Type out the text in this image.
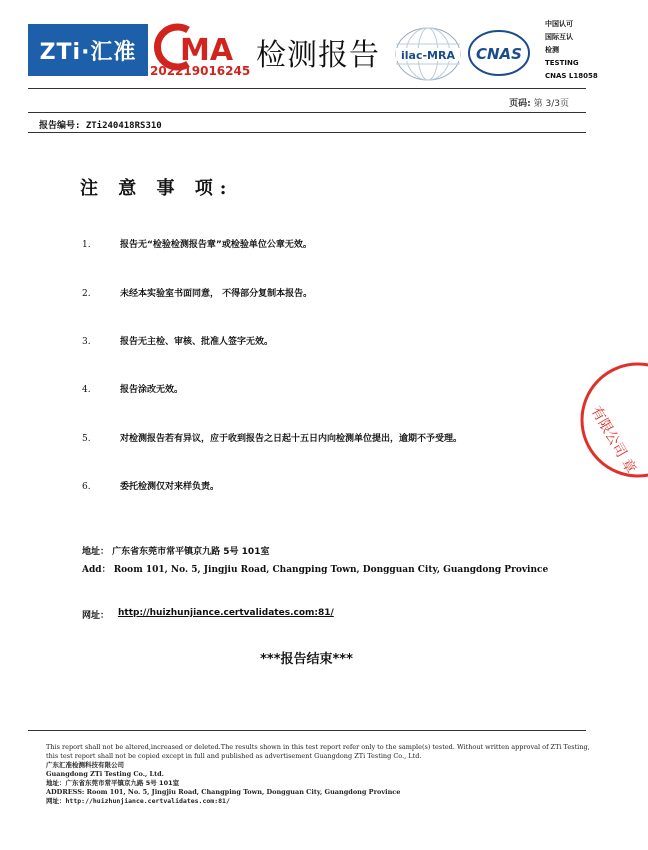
ZTi·汇准	MA
202219016245 检测报告 ilac-MRA CNAS
中国认可
国际互认
检测
TESTING
CNAS L18058
页码: 第 3/3页
报告编号: ZTi240418RS310
注 意 事 项:
1.	报告无“检验检测报告章”或检验单位公章无效。
2.	未经本实验室书面同意， 不得部分复制本报告。
3.	报告无主检、审核、批准人签字无效。
4.	报告涂改无效。
5.	对检测报告若有异议，应于收到报告之日起十五日内向检测单位提出，逾期不予受理。
6.	委托检测仅对来样负责。
地址： 广东省东莞市常平镇京九路 5号 101室
Add： Room 101, No. 5, Jingjiu Road, Changping Town, Dongguan City, Guangdong Province
网址： http://huizhunjiance.certvalidates.com:81/
***报告结束***
有限公司 章
This report shall not be altered,increased or deleted.The results shown in this test report refer only to the sample(s) tested. Without written approval of ZTi Testing,
this test report shall not be copied except in full and published as advertisement Guangdong ZTi Testing Co., Ltd.
广东汇准检测科技有限公司
Guangdong ZTi Testing Co., Ltd.
地址：广东省东莞市常平镇京九路 5号 101室
ADDRESS: Room 101, No. 5, Jingjiu Road, Changping Town, Dongguan City, Guangdong Province
网址：http://huizhunjiance.certvalidates.com:81/
